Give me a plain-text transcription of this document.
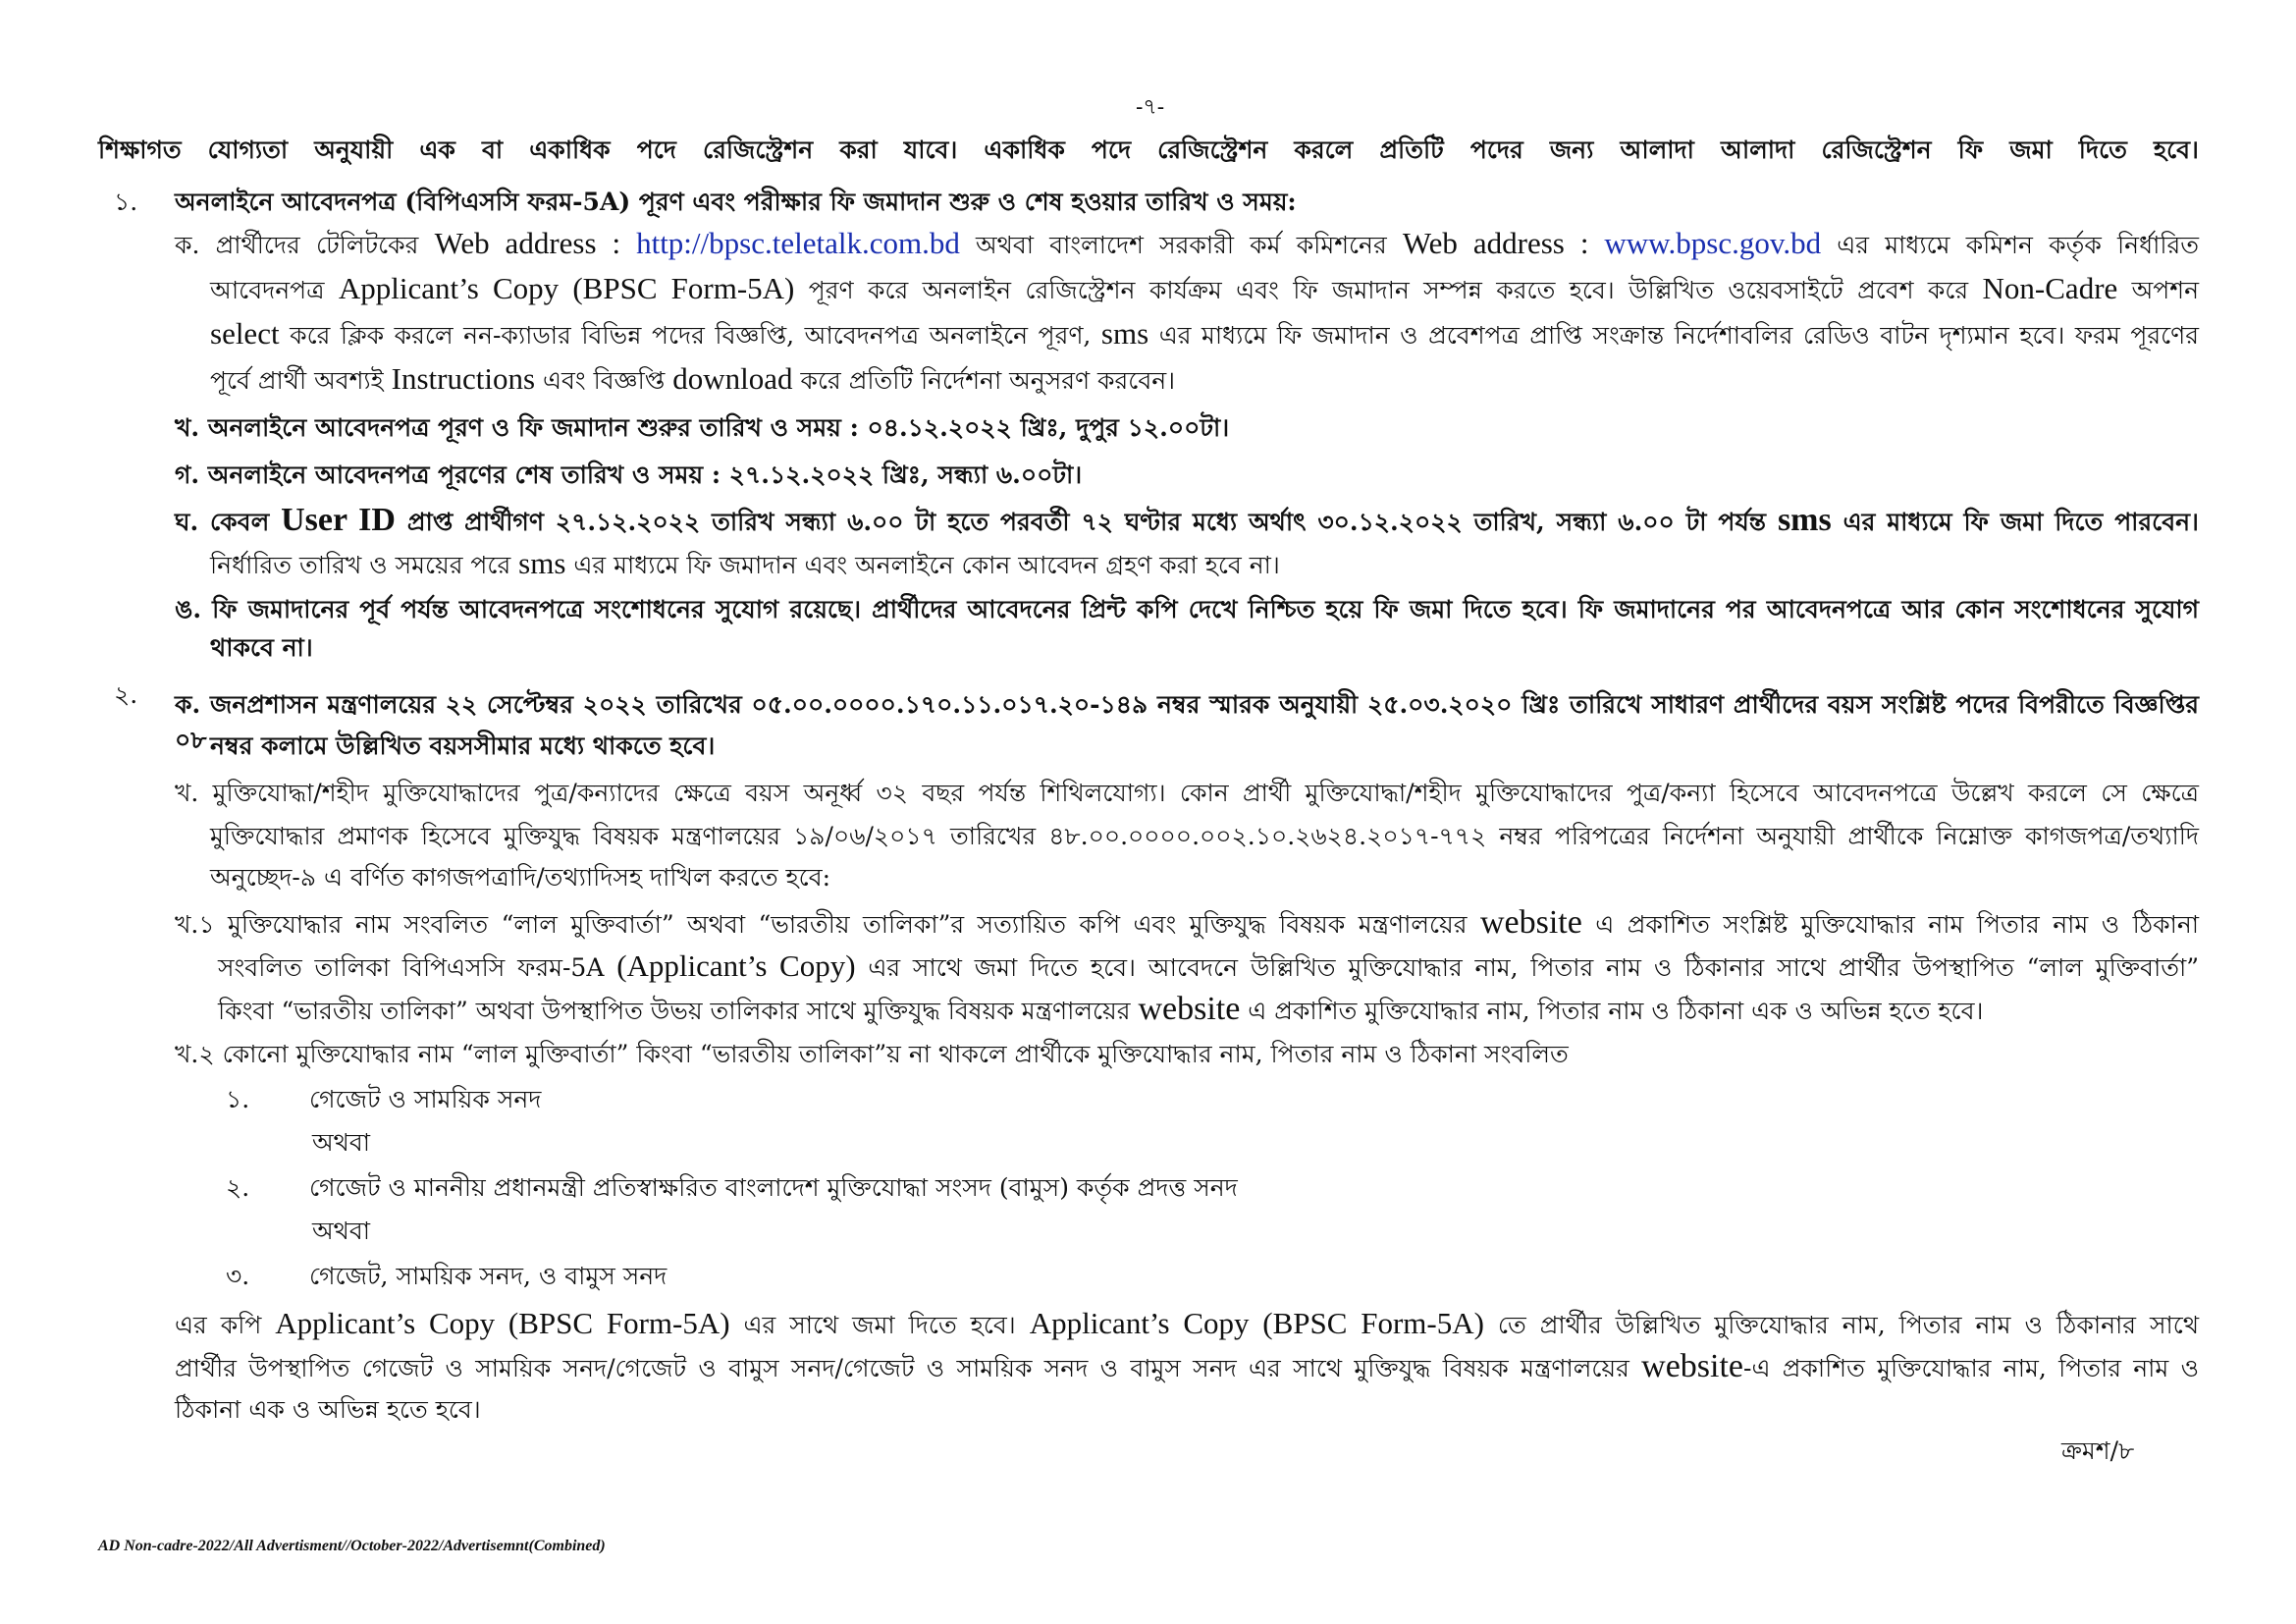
-৭-
শিক্ষাগত যোগ্যতা অনুযায়ী এক বা একাধিক পদে রেজিস্ট্রেশন করা যাবে। একাধিক পদে রেজিস্ট্রেশন করলে প্রতিটি পদের জন্য আলাদা আলাদা রেজিস্ট্রেশন ফি জমা দিতে হবে।
১. অনলাইনে আবেদনপত্র (বিপিএসসি ফরম-5A) পূরণ এবং পরীক্ষার ফি জমাদান শুরু ও শেষ হওয়ার তারিখ ও সময়:
ক. প্রার্থীদের টেলিটকের Web address : http://bpsc.teletalk.com.bd অথবা বাংলাদেশ সরকারী কর্ম কমিশনের Web address : www.bpsc.gov.bd এর মাধ্যমে কমিশন কর্তৃক নির্ধারিত
আবেদনপত্র Applicant’s Copy (BPSC Form-5A) পূরণ করে অনলাইন রেজিস্ট্রেশন কার্যক্রম এবং ফি জমাদান সম্পন্ন করতে হবে। উল্লিখিত ওয়েবসাইটে প্রবেশ করে Non-Cadre অপশন
select করে ক্লিক করলে নন-ক্যাডার বিভিন্ন পদের বিজ্ঞপ্তি, আবেদনপত্র অনলাইনে পূরণ, sms এর মাধ্যমে ফি জমাদান ও প্রবেশপত্র প্রাপ্তি সংক্রান্ত নির্দেশাবলির রেডিও বাটন দৃশ্যমান হবে। ফরম পূরণের
পূর্বে প্রার্থী অবশ্যই Instructions এবং বিজ্ঞপ্তি download করে প্রতিটি নির্দেশনা অনুসরণ করবেন।
খ. অনলাইনে আবেদনপত্র পূরণ ও ফি জমাদান শুরুর তারিখ ও সময় : ০৪.১২.২০২২ খ্রিঃ, দুপুর ১২.০০টা।
গ. অনলাইনে আবেদনপত্র পূরণের শেষ তারিখ ও সময় : ২৭.১২.২০২২ খ্রিঃ, সন্ধ্যা ৬.০০টা।
ঘ. কেবল User ID প্রাপ্ত প্রার্থীগণ ২৭.১২.২০২২ তারিখ সন্ধ্যা ৬.০০ টা হতে পরবর্তী ৭২ ঘণ্টার মধ্যে অর্থাৎ ৩০.১২.২০২২ তারিখ, সন্ধ্যা ৬.০০ টা পর্যন্ত sms এর মাধ্যমে ফি জমা দিতে পারবেন।
নির্ধারিত তারিখ ও সময়ের পরে sms এর মাধ্যমে ফি জমাদান এবং অনলাইনে কোন আবেদন গ্রহণ করা হবে না।
ঙ. ফি জমাদানের পূর্ব পর্যন্ত আবেদনপত্রে সংশোধনের সুযোগ রয়েছে। প্রার্থীদের আবেদনের প্রিন্ট কপি দেখে নিশ্চিত হয়ে ফি জমা দিতে হবে। ফি জমাদানের পর আবেদনপত্রে আর কোন সংশোধনের সুযোগ
থাকবে না।
২. ক. জনপ্রশাসন মন্ত্রণালয়ের ২২ সেপ্টেম্বর ২০২২ তারিখের ০৫.০০.০০০০.১৭০.১১.০১৭.২০-১৪৯ নম্বর স্মারক অনুযায়ী ২৫.০৩.২০২০ খ্রিঃ তারিখে সাধারণ প্রার্থীদের বয়স সংশ্লিষ্ট পদের বিপরীতে বিজ্ঞপ্তির ০৮ নম্বর কলামে উল্লিখিত বয়সসীমার মধ্যে থাকতে হবে।
খ. মুক্তিযোদ্ধা/শহীদ মুক্তিযোদ্ধাদের পুত্র/কন্যাদের ক্ষেত্রে বয়স অনূর্ধ্ব ৩২ বছর পর্যন্ত শিথিলযোগ্য। কোন প্রার্থী মুক্তিযোদ্ধা/শহীদ মুক্তিযোদ্ধাদের পুত্র/কন্যা হিসেবে আবেদনপত্রে উল্লেখ করলে সে ক্ষেত্রে
মুক্তিযোদ্ধার প্রমাণক হিসেবে মুক্তিযুদ্ধ বিষয়ক মন্ত্রণালয়ের ১৯/০৬/২০১৭ তারিখের ৪৮.০০.০০০০.০০২.১০.২৬২৪.২০১৭-৭৭২ নম্বর পরিপত্রের নির্দেশনা অনুযায়ী প্রার্থীকে নিম্নোক্ত কাগজপত্র/তথ্যাদি
অনুচ্ছেদ-৯ এ বর্ণিত কাগজপত্রাদি/তথ্যাদিসহ দাখিল করতে হবে:
খ.১ মুক্তিযোদ্ধার নাম সংবলিত “লাল মুক্তিবার্তা” অথবা “ভারতীয় তালিকা”র সত্যায়িত কপি এবং মুক্তিযুদ্ধ বিষয়ক মন্ত্রণালয়ের website এ প্রকাশিত সংশ্লিষ্ট মুক্তিযোদ্ধার নাম পিতার নাম ও ঠিকানা
সংবলিত তালিকা বিপিএসসি ফরম-5A (Applicant’s Copy) এর সাথে জমা দিতে হবে। আবেদনে উল্লিখিত মুক্তিযোদ্ধার নাম, পিতার নাম ও ঠিকানার সাথে প্রার্থীর উপস্থাপিত “লাল মুক্তিবার্তা”
কিংবা “ভারতীয় তালিকা” অথবা উপস্থাপিত উভয় তালিকার সাথে মুক্তিযুদ্ধ বিষয়ক মন্ত্রণালয়ের website এ প্রকাশিত মুক্তিযোদ্ধার নাম, পিতার নাম ও ঠিকানা এক ও অভিন্ন হতে হবে।
খ.২ কোনো মুক্তিযোদ্ধার নাম “লাল মুক্তিবার্তা” কিংবা “ভারতীয় তালিকা”য় না থাকলে প্রার্থীকে মুক্তিযোদ্ধার নাম, পিতার নাম ও ঠিকানা সংবলিত
১. গেজেট ও সাময়িক সনদ
অথবা
২. গেজেট ও মাননীয় প্রধানমন্ত্রী প্রতিস্বাক্ষরিত বাংলাদেশ মুক্তিযোদ্ধা সংসদ (বামুস) কর্তৃক প্রদত্ত সনদ
অথবা
৩. গেজেট, সাময়িক সনদ, ও বামুস সনদ
এর কপি Applicant’s Copy (BPSC Form-5A) এর সাথে জমা দিতে হবে। Applicant’s Copy (BPSC Form-5A) তে প্রার্থীর উল্লিখিত মুক্তিযোদ্ধার নাম, পিতার নাম ও ঠিকানার সাথে
প্রার্থীর উপস্থাপিত গেজেট ও সাময়িক সনদ/গেজেট ও বামুস সনদ/গেজেট ও সাময়িক সনদ ও বামুস সনদ এর সাথে মুক্তিযুদ্ধ বিষয়ক মন্ত্রণালয়ের website-এ প্রকাশিত মুক্তিযোদ্ধার নাম, পিতার নাম ও
ঠিকানা এক ও অভিন্ন হতে হবে।
ক্রমশ/৮
AD Non-cadre-2022/All Advertisment//October-2022/Advertisemnt(Combined)
